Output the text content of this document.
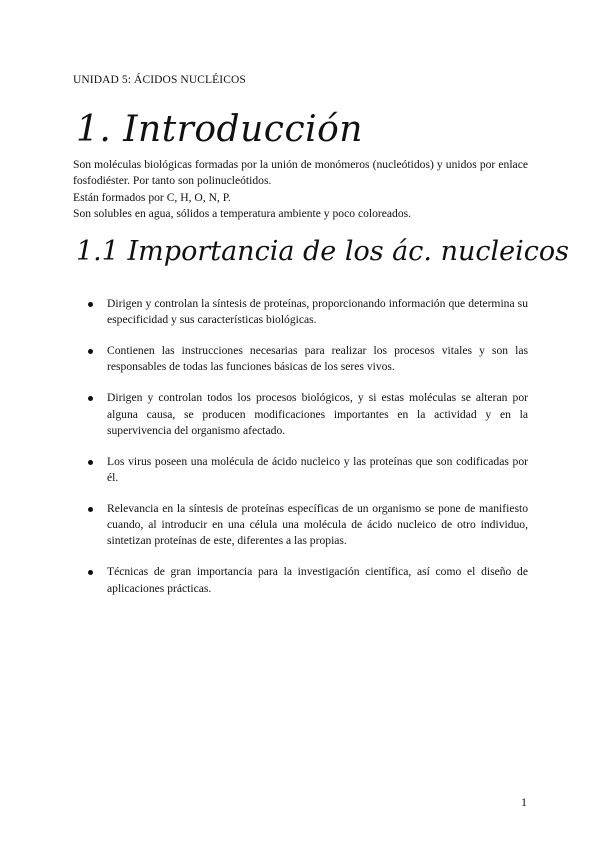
UNIDAD 5: ÁCIDOS NUCLÉICOS
1. Introducción

Son moléculas biológicas formadas por la unión de monómeros (nucleótidos) y unidos por enlace fosfodiéster. Por tanto son polinucleótidos.

Están formados por C, H, O, N, P.

Son solubles en agua, sólidos a temperatura ambiente y poco coloreados.

1.1 Importancia de los ác. nucleicos
Dirigen y controlan la síntesis de proteínas, proporcionando información que determina su especificidad y sus características biológicas.
Contienen las instrucciones necesarias para realizar los procesos vitales y son las responsables de todas las funciones básicas de los seres vivos.
Dirigen y controlan todos los procesos biológicos, y si estas moléculas se alteran por alguna causa, se producen modificaciones importantes en la actividad y en la supervivencia del organismo afectado.
Los virus poseen una molécula de ácido nucleico y las proteínas que son codificadas por él.
Relevancia en la síntesis de proteínas específicas de un organismo se pone de manifiesto cuando, al introducir en una célula una molécula de ácido nucleico de otro individuo, sintetizan proteínas de este, diferentes a las propias.
Técnicas de gran importancia para la investigación científica, así como el diseño de aplicaciones prácticas.
1
